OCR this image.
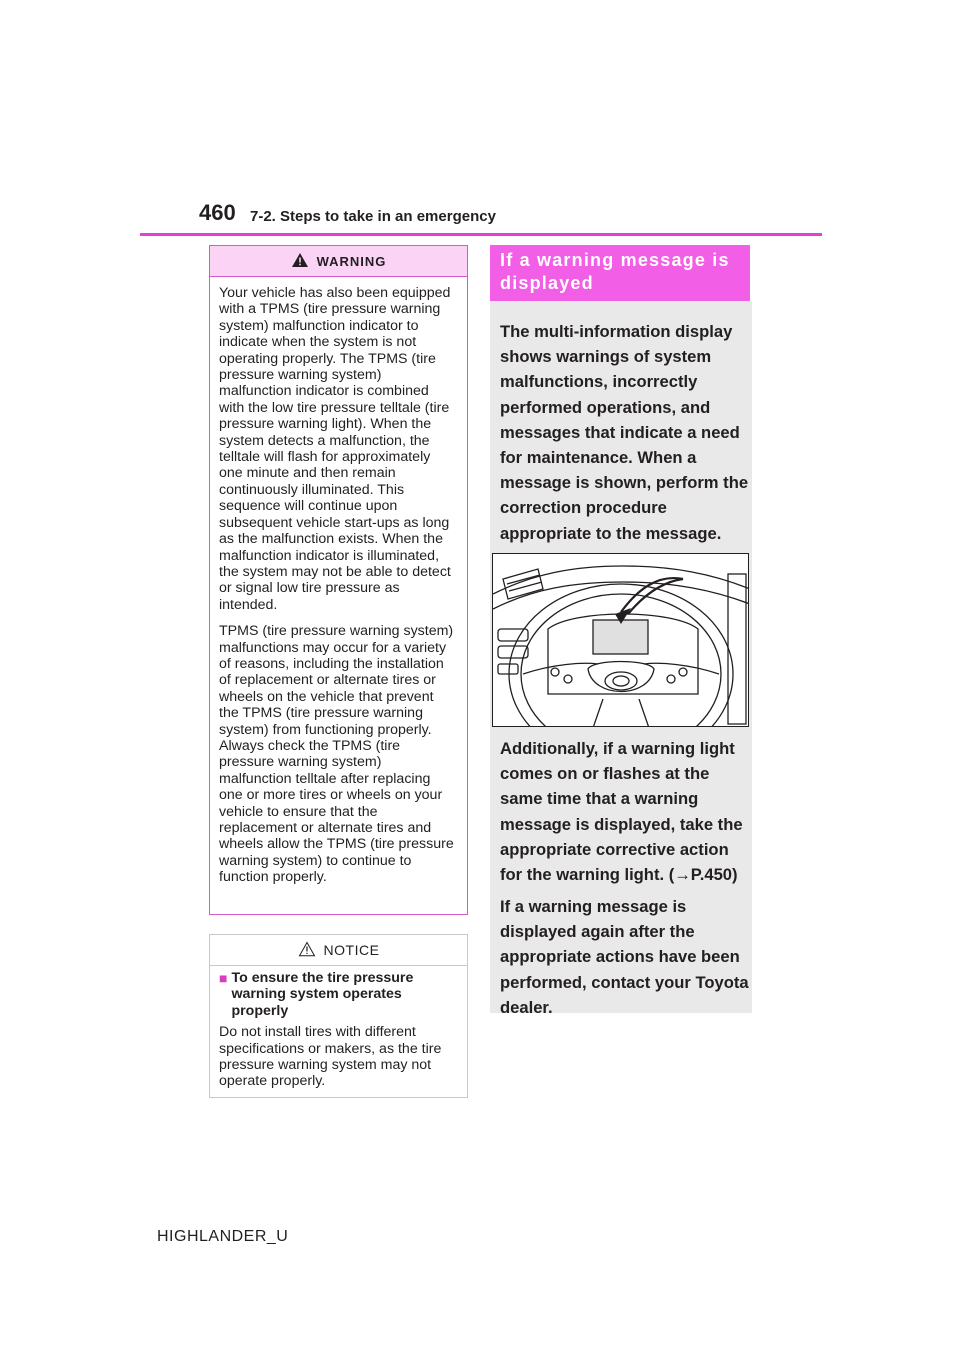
460 7-2. Steps to take in an emergency
WARNING

Your vehicle has also been equipped with a TPMS (tire pressure warning system) malfunction indicator to indicate when the system is not operating properly. The TPMS (tire pressure warning system) malfunction indicator is combined with the low tire pressure telltale (tire pressure warning light). When the system detects a malfunction, the telltale will flash for approximately one minute and then remain continuously illuminated. This sequence will continue upon subsequent vehicle start-ups as long as the malfunction exists. When the malfunction indicator is illuminated, the system may not be able to detect or signal low tire pressure as intended.

TPMS (tire pressure warning system) malfunctions may occur for a variety of reasons, including the installation of replacement or alternate tires or wheels on the vehicle that prevent the TPMS (tire pressure warning system) from functioning properly. Always check the TPMS (tire pressure warning system) malfunction telltale after replacing one or more tires or wheels on your vehicle to ensure that the replacement or alternate tires and wheels allow the TPMS (tire pressure warning system) to continue to function properly.

NOTICE
■ To ensure the tire pressure warning system operates properly

Do not install tires with different specifications or makers, as the tire pressure warning system may not operate properly.

If a warning message is displayed

The multi-information display shows warnings of system malfunctions, incorrectly performed operations, and messages that indicate a need for maintenance. When a message is shown, perform the correction procedure appropriate to the message.

Additionally, if a warning light comes on or flashes at the same time that a warning message is displayed, take the appropriate corrective action for the warning light. (→P.450)

If a warning message is displayed again after the appropriate actions have been performed, contact your Toyota dealer.

HIGHLANDER_U
